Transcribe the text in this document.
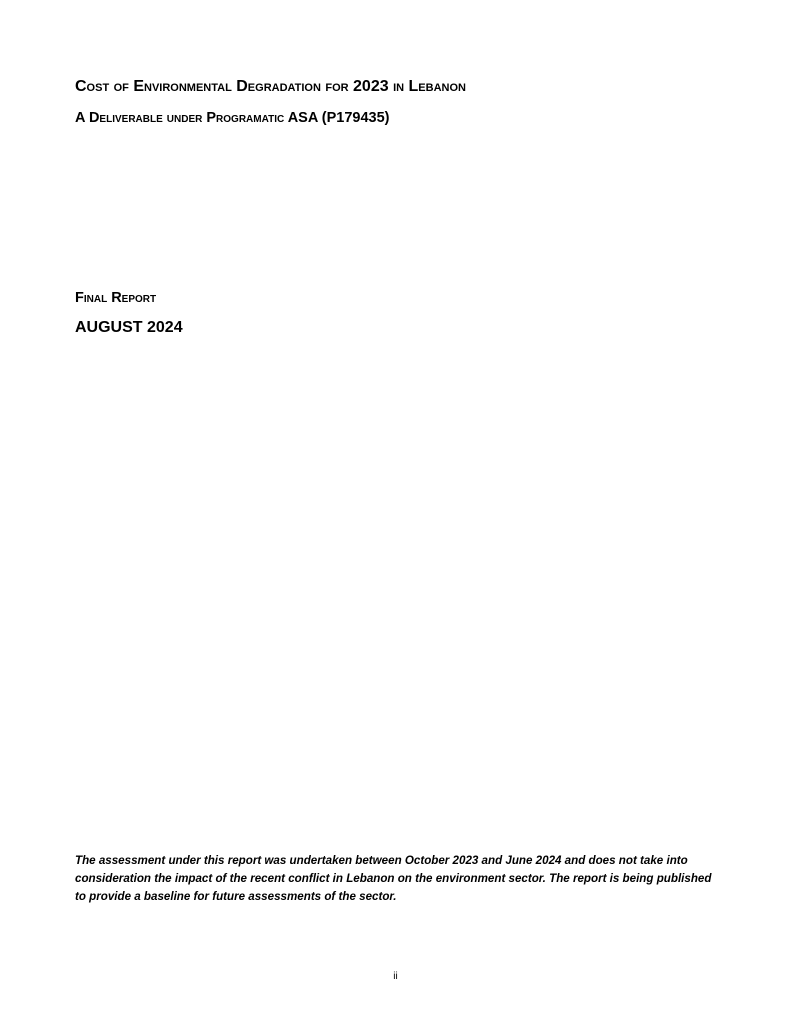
Cost of Environmental Degradation for 2023 in Lebanon
A Deliverable under Programatic ASA (P179435)

Final Report

AUGUST 2024

The assessment under this report was undertaken between October 2023 and June 2024 and does not take into consideration the impact of the recent conflict in Lebanon on the environment sector. The report is being published to provide a baseline for future assessments of the sector.

ii
